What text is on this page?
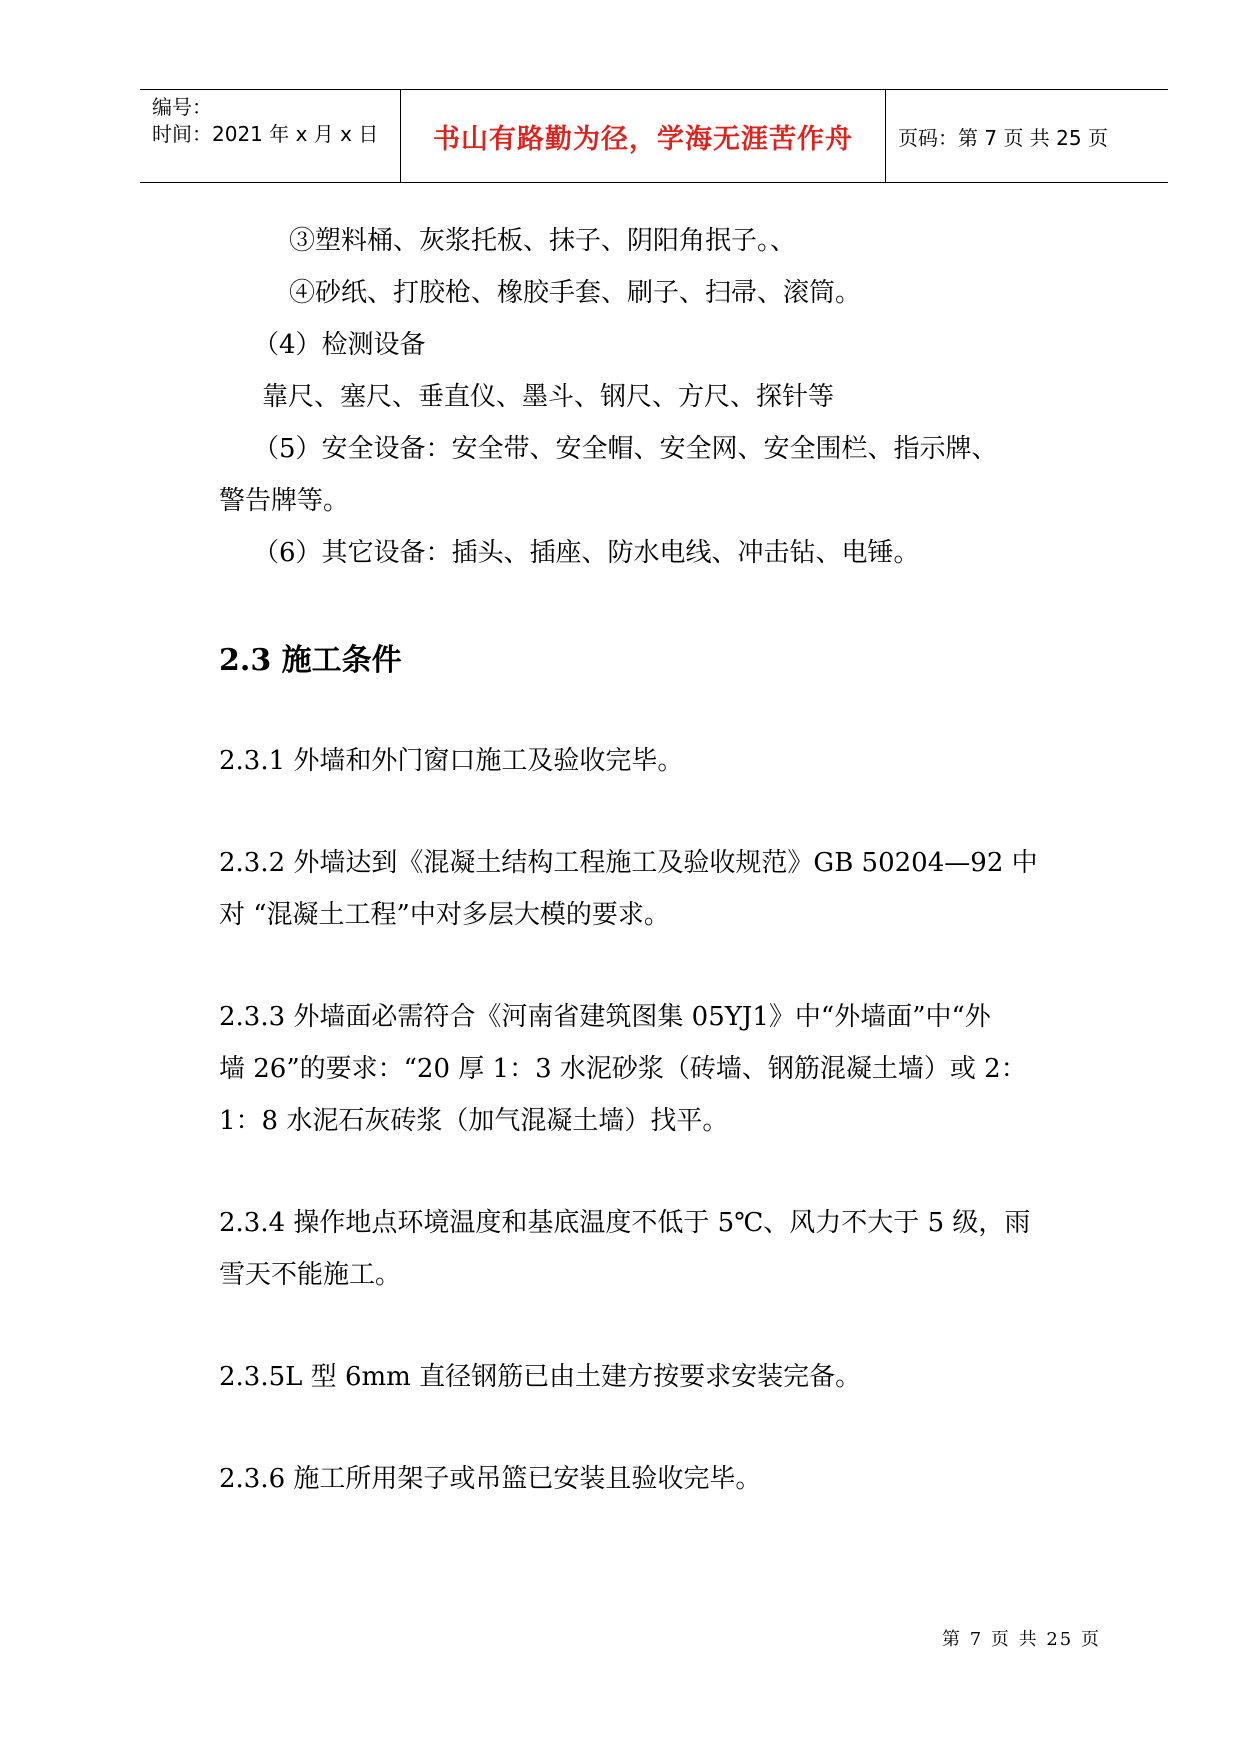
编号：
时间：2021 年 x 月 x 日 书山有路勤为径，学海无涯苦作舟 页码：第 7 页 共 25 页
③塑料桶、灰浆托板、抹子、阴阳角抿子。、
④砂纸、打胶枪、橡胶手套、刷子、扫帚、滚筒。
（4）检测设备
靠尺、塞尺、垂直仪、墨斗、钢尺、方尺、探针等
（5）安全设备：安全带、安全帽、安全网、安全围栏、指示牌、
警告牌等。
（6）其它设备：插头、插座、防水电线、冲击钻、电锤。
2.3 施工条件
2.3.1 外墙和外门窗口施工及验收完毕。
2.3.2 外墙达到《混凝土结构工程施工及验收规范》GB 50204—92 中
对 “混凝土工程”中对多层大模的要求。
2.3.3 外墙面必需符合《河南省建筑图集 05YJ1》中“外墙面”中“外
墙 26”的要求：“20 厚 1：3 水泥砂浆（砖墙、钢筋混凝土墙）或 2：
1：8 水泥石灰砖浆（加气混凝土墙）找平。
2.3.4 操作地点环境温度和基底温度不低于 5℃、风力不大于 5 级，雨
雪天不能施工。
2.3.5L 型 6mm 直径钢筋已由土建方按要求安装完备。
2.3.6 施工所用架子或吊篮已安装且验收完毕。
第 7 页 共 25 页
